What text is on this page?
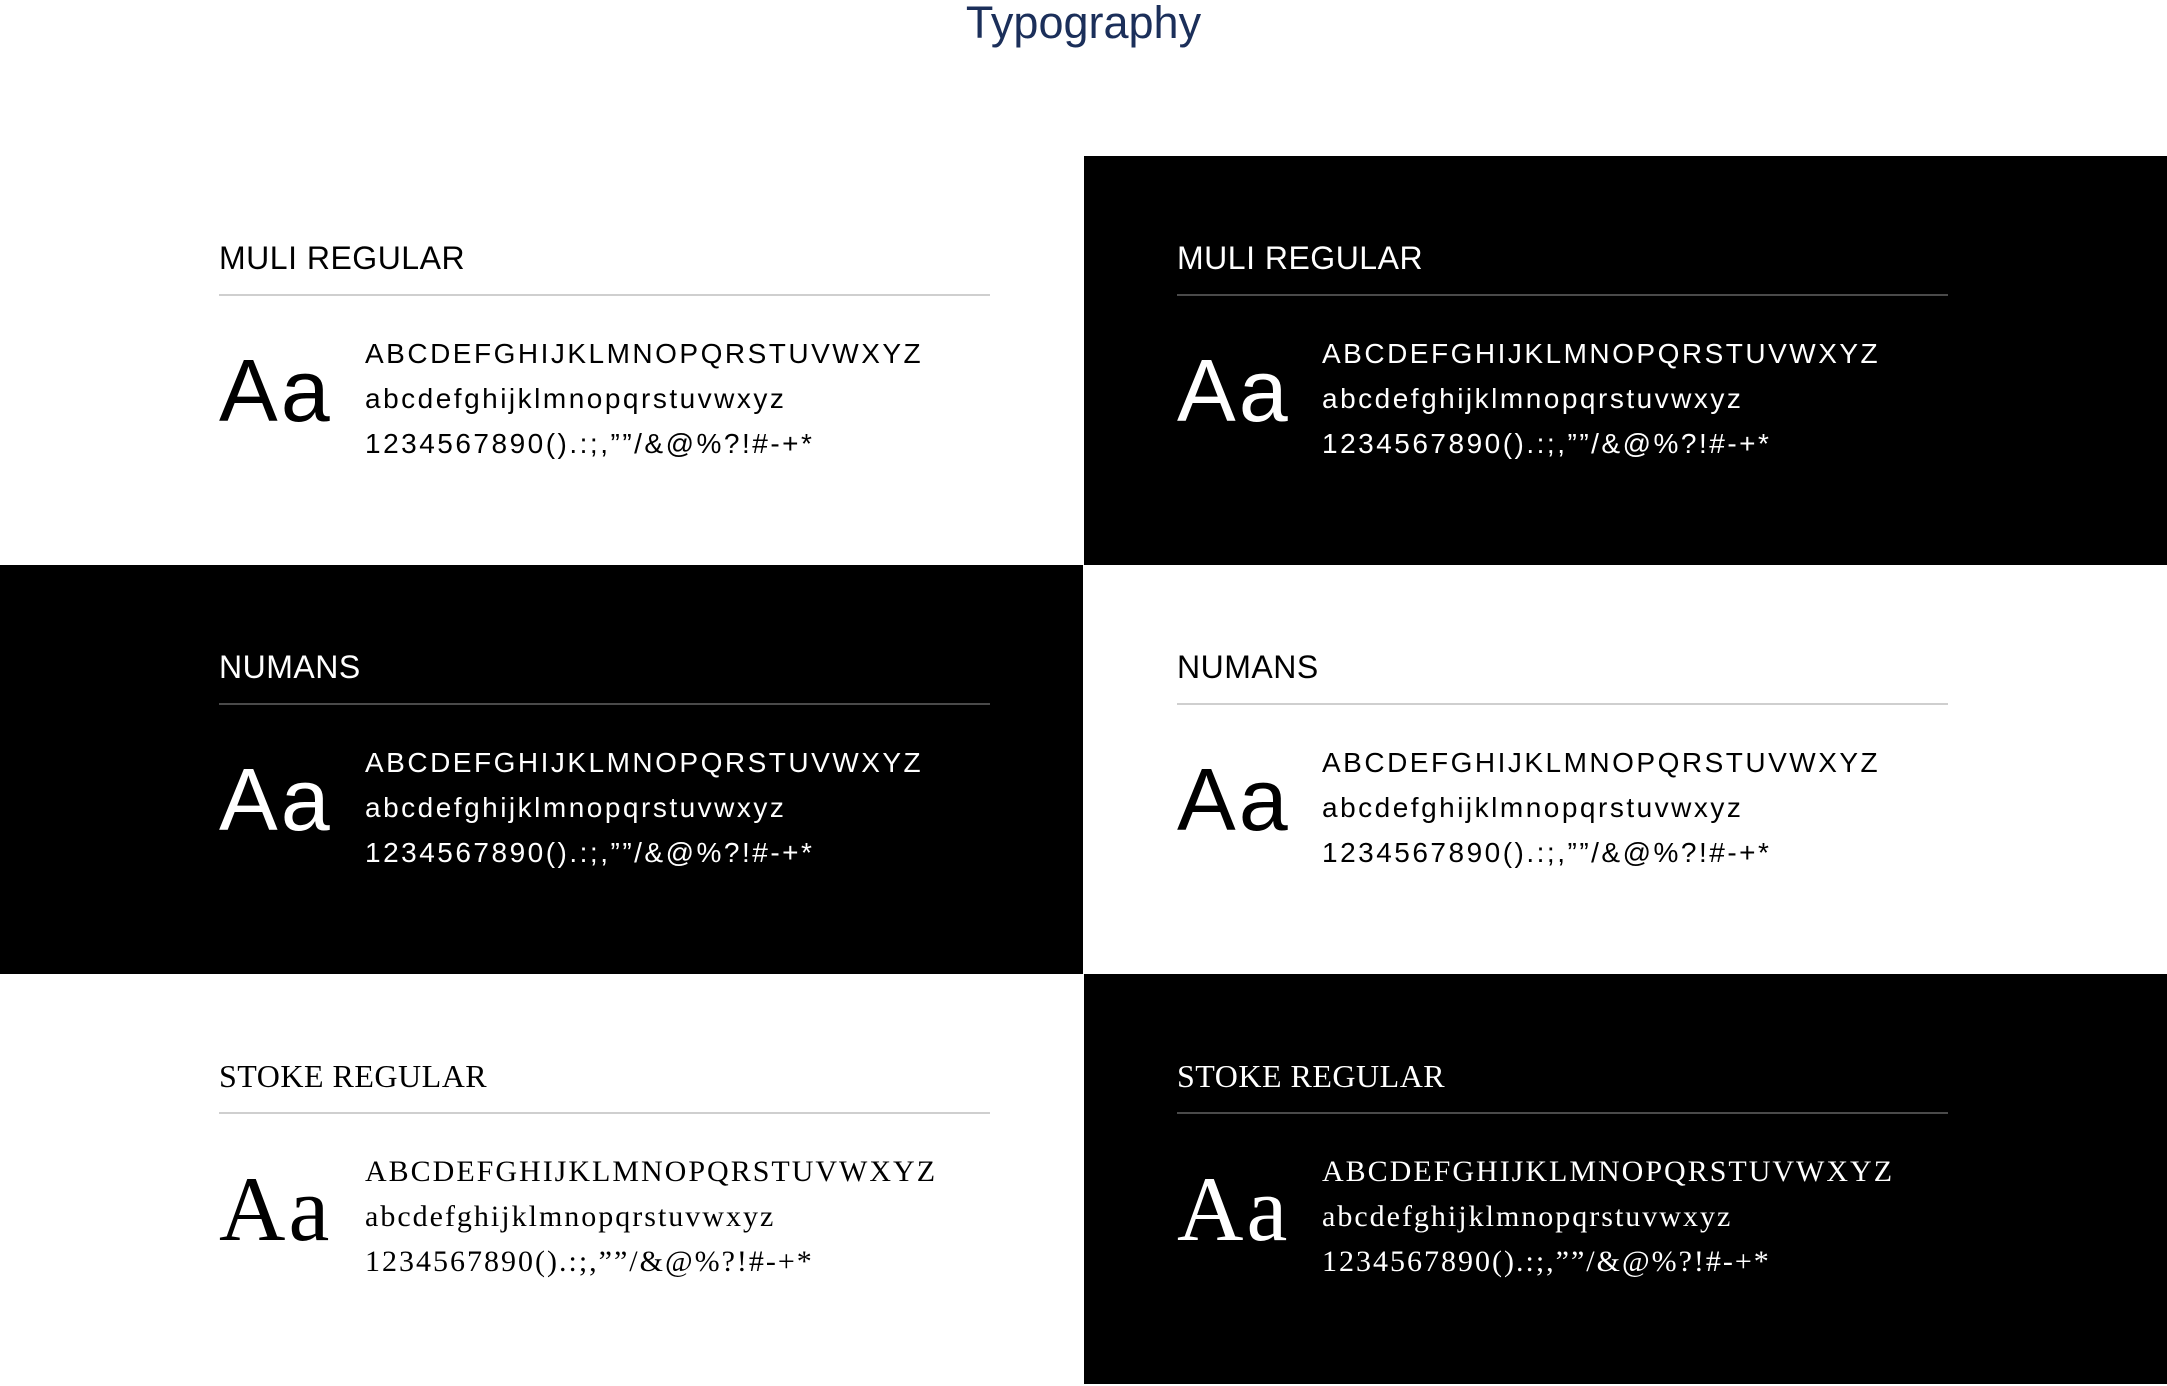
Typography
MULI REGULAR
Aa ABCDEFGHIJKLMNOPQRSTUVWXYZ
abcdefghijklmnopqrstuvwxyz
1234567890().:;,””/&@%?!#-+*
MULI REGULAR
Aa ABCDEFGHIJKLMNOPQRSTUVWXYZ
abcdefghijklmnopqrstuvwxyz
1234567890().:;,””/&@%?!#-+*
NUMANS
Aa ABCDEFGHIJKLMNOPQRSTUVWXYZ
abcdefghijklmnopqrstuvwxyz
1234567890().:;,””/&@%?!#-+*
NUMANS
Aa ABCDEFGHIJKLMNOPQRSTUVWXYZ
abcdefghijklmnopqrstuvwxyz
1234567890().:;,””/&@%?!#-+*
STOKE REGULAR
Aa ABCDEFGHIJKLMNOPQRSTUVWXYZ
abcdefghijklmnopqrstuvwxyz
1234567890().:;,””/&@%?!#-+*
STOKE REGULAR
Aa ABCDEFGHIJKLMNOPQRSTUVWXYZ
abcdefghijklmnopqrstuvwxyz
1234567890().:;,””/&@%?!#-+*
